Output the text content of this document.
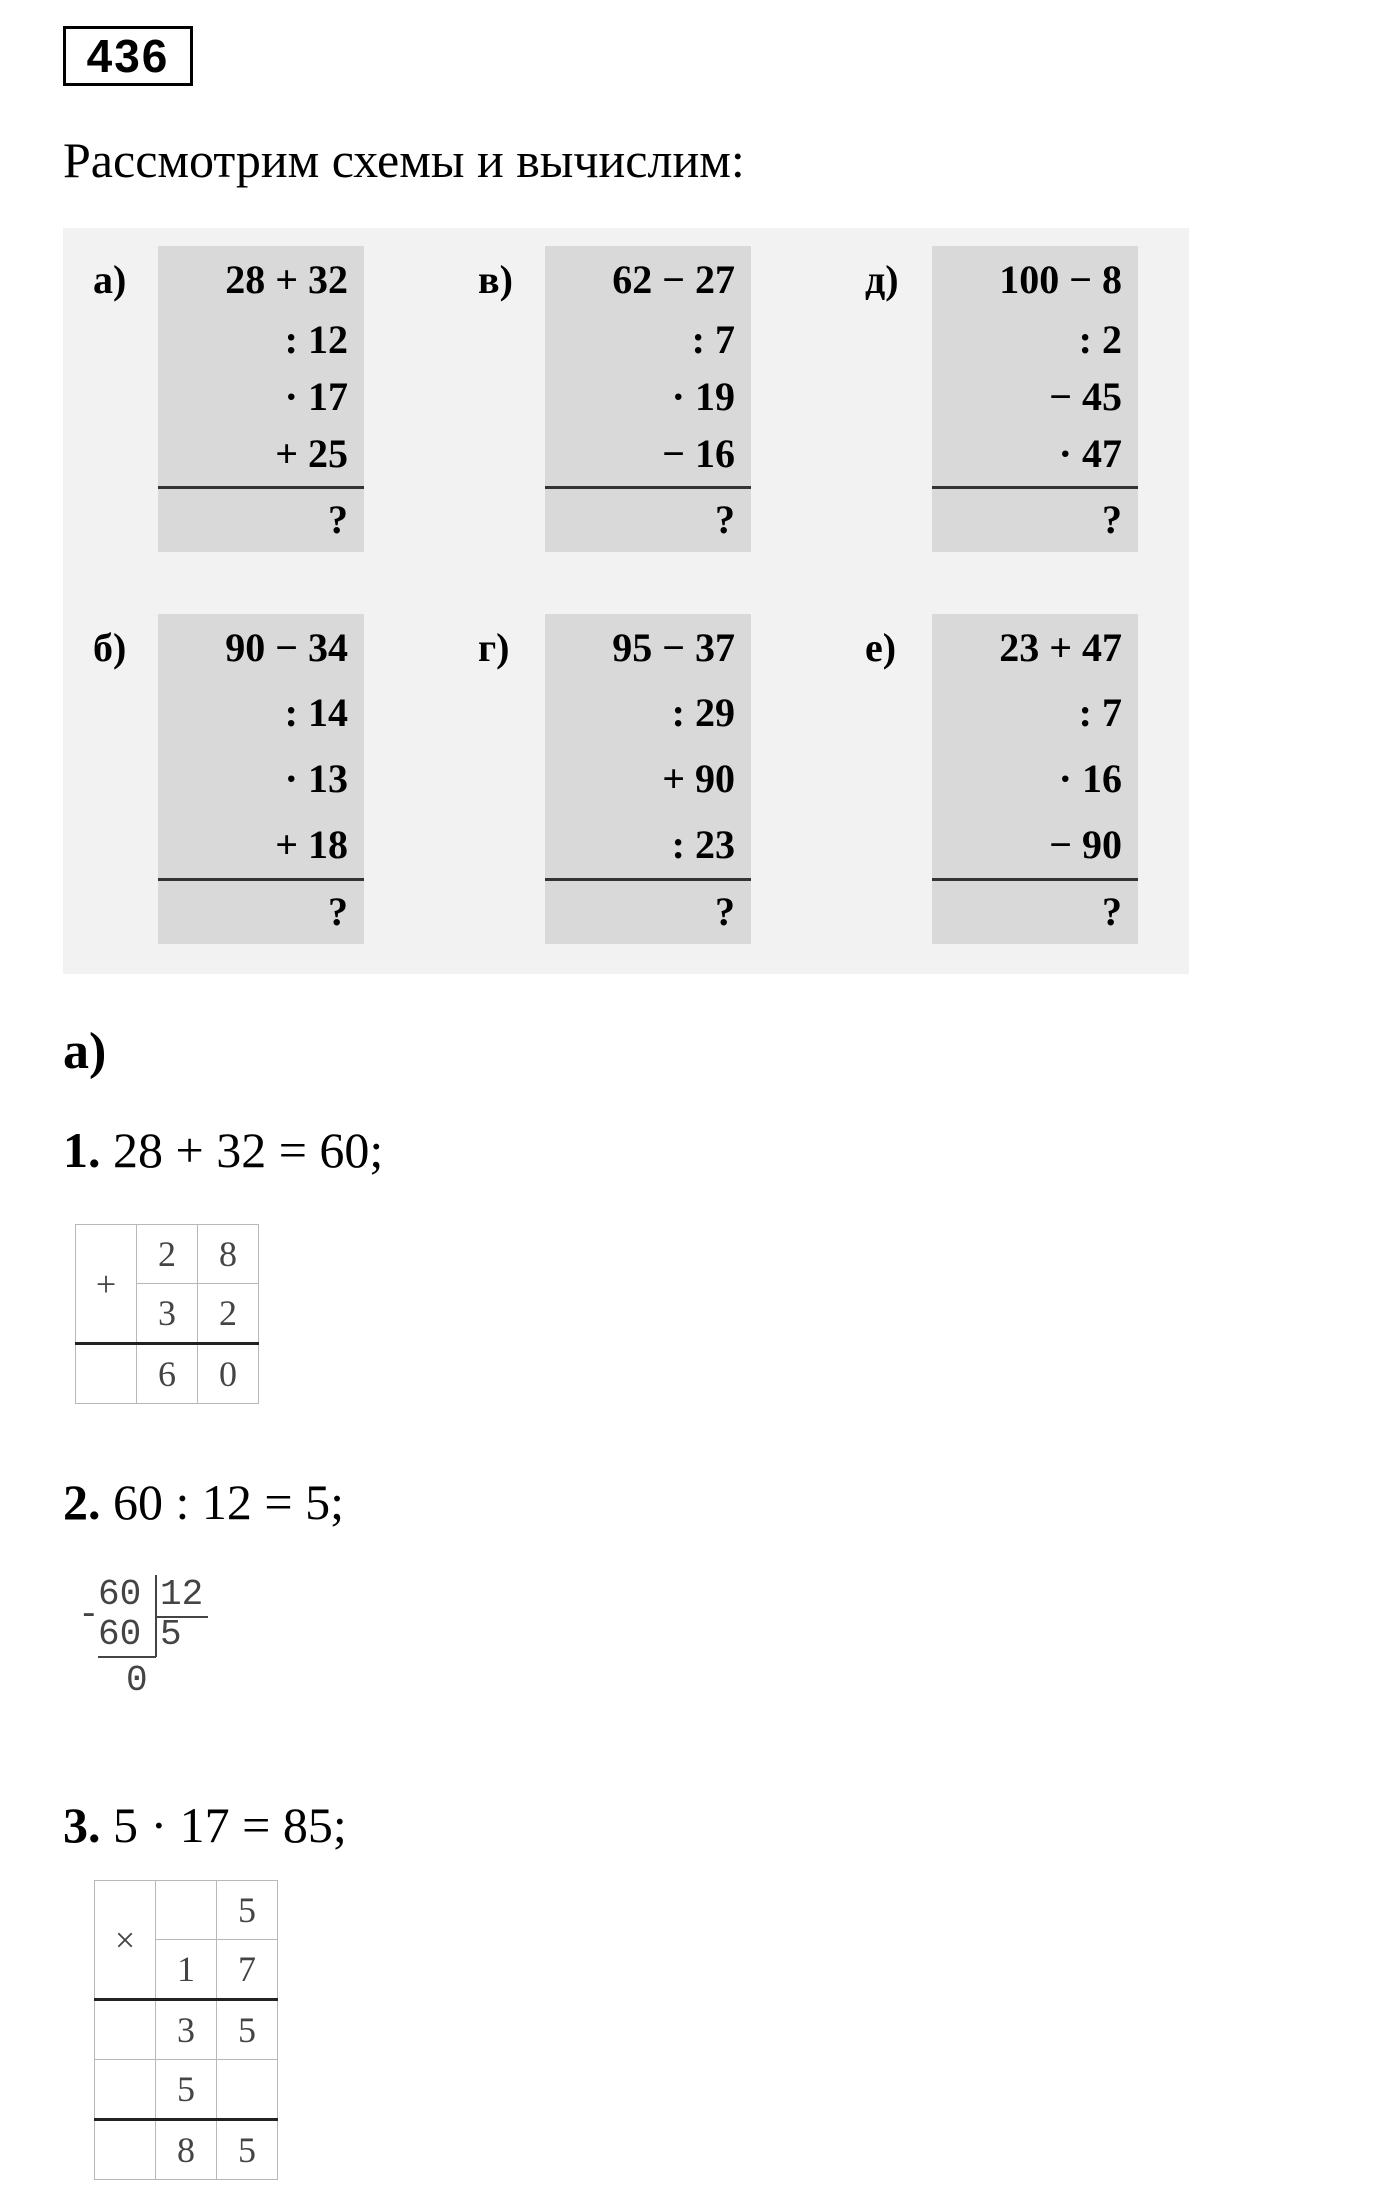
436
Рассмотрим схемы и вычислим:
а) 28 + 32
: 12
· 17
+ 25
?
в) 62 − 27
: 7
· 19
− 16
?
д)	100 − 8
: 2
− 45
· 47
?
б) 90 − 34
: 14
· 13
+ 18
?
г)	95 − 37
: 29
+ 90
: 23
?
е)	23 + 47
: 7
· 16
− 90
?
а)
1. 28 + 32 = 60;
+	2	8
	3	2
	6	0
2. 60 : 12 = 5;
60 12
-
60 5
0
3. 5 · 17 = 85;
×		5
	1	7
	3	5
	5	
	8	5
